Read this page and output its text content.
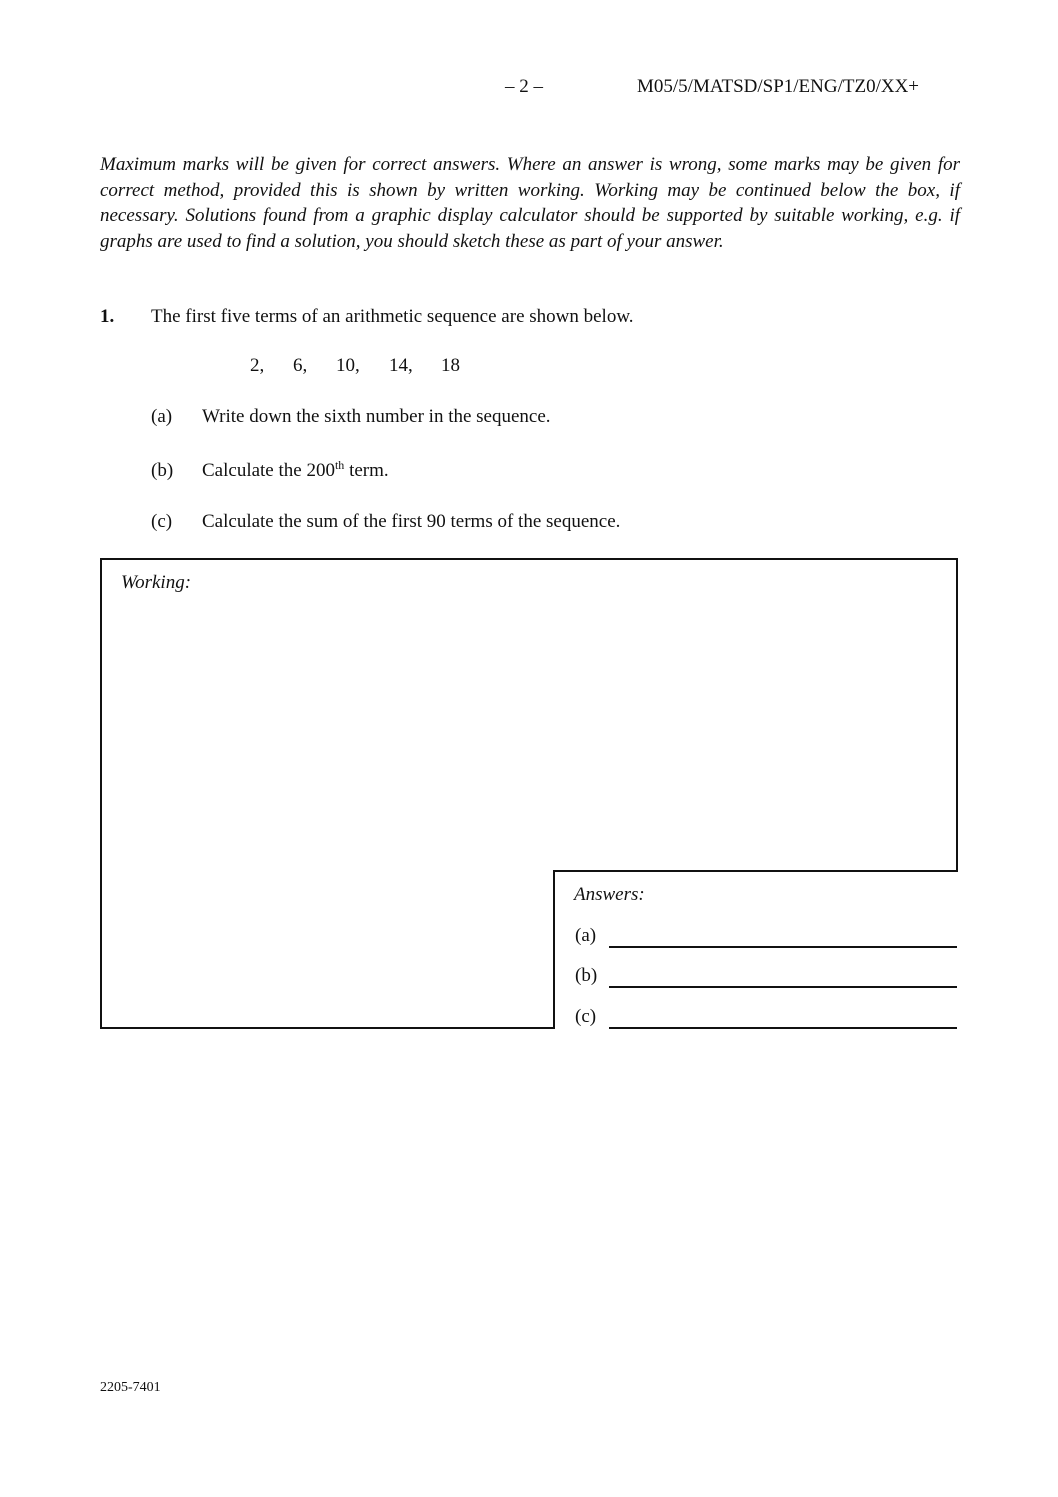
– 2 –	M05/5/MATSD/SP1/ENG/TZ0/XX+
Maximum marks will be given for correct answers. Where an answer is wrong, some marks may be given for correct method, provided this is shown by written working. Working may be continued below the box, if necessary. Solutions found from a graphic display calculator should be supported by suitable working, e.g. if graphs are used to find a solution, you should sketch these as part of your answer.
1. The first five terms of an arithmetic sequence are shown below.
2, 6, 10, 14, 18
(a) Write down the sixth number in the sequence.
(b) Calculate the 200th term.
(c) Calculate the sum of the first 90 terms of the sequence.
Working:
Answers:
(a)
(b)
(c)
2205-7401
